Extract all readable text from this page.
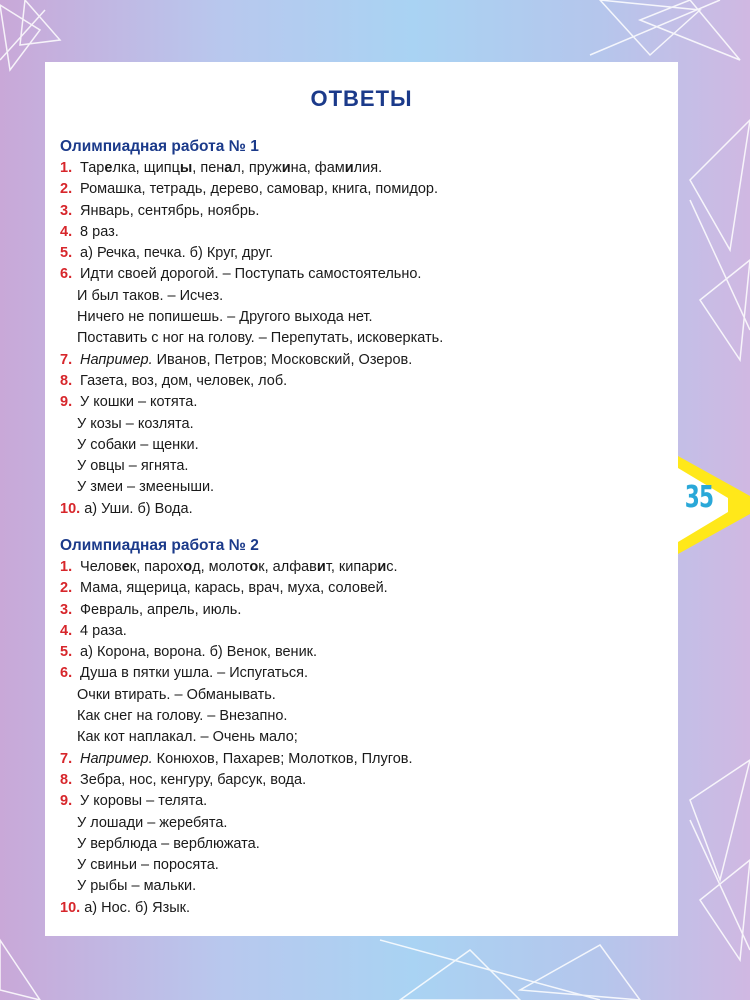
ОТВЕТЫ
Олимпиадная работа № 1
1. Тарелка, щипцы, пенал, пружина, фамилия.
2. Ромашка, тетрадь, дерево, самовар, книга, помидор.
3. Январь, сентябрь, ноябрь.
4. 8 раз.
5. а) Речка, печка. б) Круг, друг.
6. Идти своей дорогой. – Поступать самостоятельно.
И был таков. – Исчез.
Ничего не попишешь. – Другого выхода нет.
Поставить с ног на голову. – Перепутать, исковеркать.
7. Например. Иванов, Петров; Московский, Озеров.
8. Газета, воз, дом, человек, лоб.
9. У кошки – котята.
У козы – козлята.
У собаки – щенки.
У овцы – ягнята.
У змеи – змееныши.
10. а) Уши. б) Вода.
Олимпиадная работа № 2
1. Человек, пароход, молоток, алфавит, кипарис.
2. Мама, ящерица, карась, врач, муха, соловей.
3. Февраль, апрель, июль.
4. 4 раза.
5. а) Корона, ворона. б) Венок, веник.
6. Душа в пятки ушла. – Испугаться.
Очки втирать. – Обманывать.
Как снег на голову. – Внезапно.
Как кот наплакал. – Очень мало;
7. Например. Конюхов, Пахарев; Молотков, Плугов.
8. Зебра, нос, кенгуру, барсук, вода.
9. У коровы – телята.
У лошади – жеребята.
У верблюда – верблюжата.
У свиньи – поросята.
У рыбы – мальки.
10. а) Нос. б) Язык.
35
